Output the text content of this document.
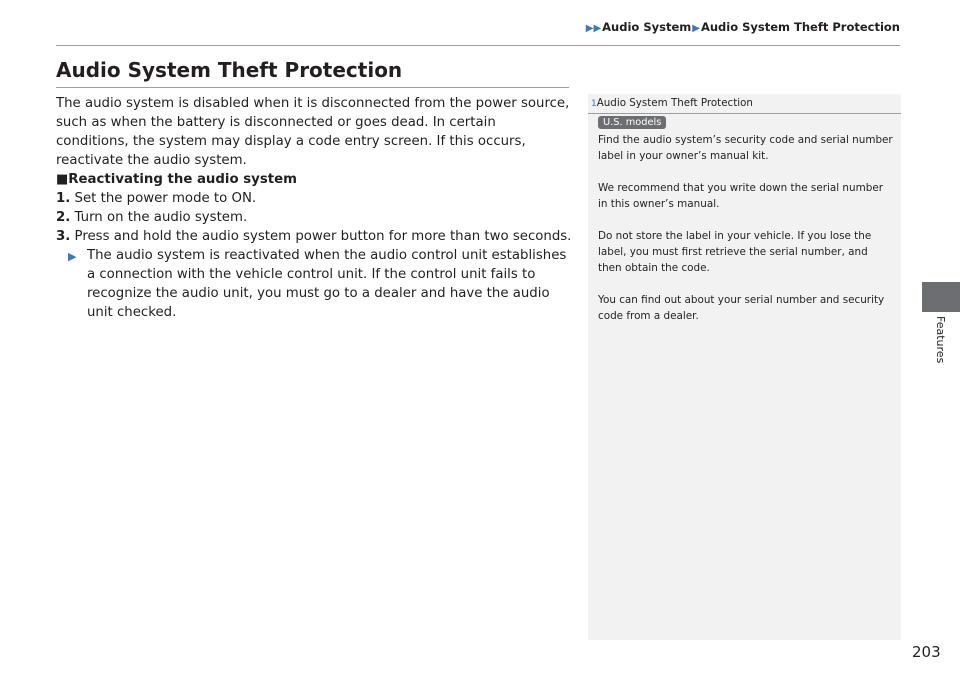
▶▶Audio System▶Audio System Theft Protection
Audio System Theft Protection

The audio system is disabled when it is disconnected from the power source, such as when the battery is disconnected or goes dead. In certain conditions, the system may display a code entry screen. If this occurs, reactivate the audio system.

■Reactivating the audio system

1. Set the power mode to ON.

2. Turn on the audio system.

3. Press and hold the audio system power button for more than two seconds.

▶ The audio system is reactivated when the audio control unit establishes a connection with the vehicle control unit. If the control unit fails to recognize the audio unit, you must go to a dealer and have the audio unit checked.
1Audio System Theft Protection
U.S. models

Find the audio system’s security code and serial number label in your owner’s manual kit.

We recommend that you write down the serial number in this owner’s manual.

Do not store the label in your vehicle. If you lose the label, you must first retrieve the serial number, and then obtain the code.

You can find out about your serial number and security code from a dealer.	Features
203
